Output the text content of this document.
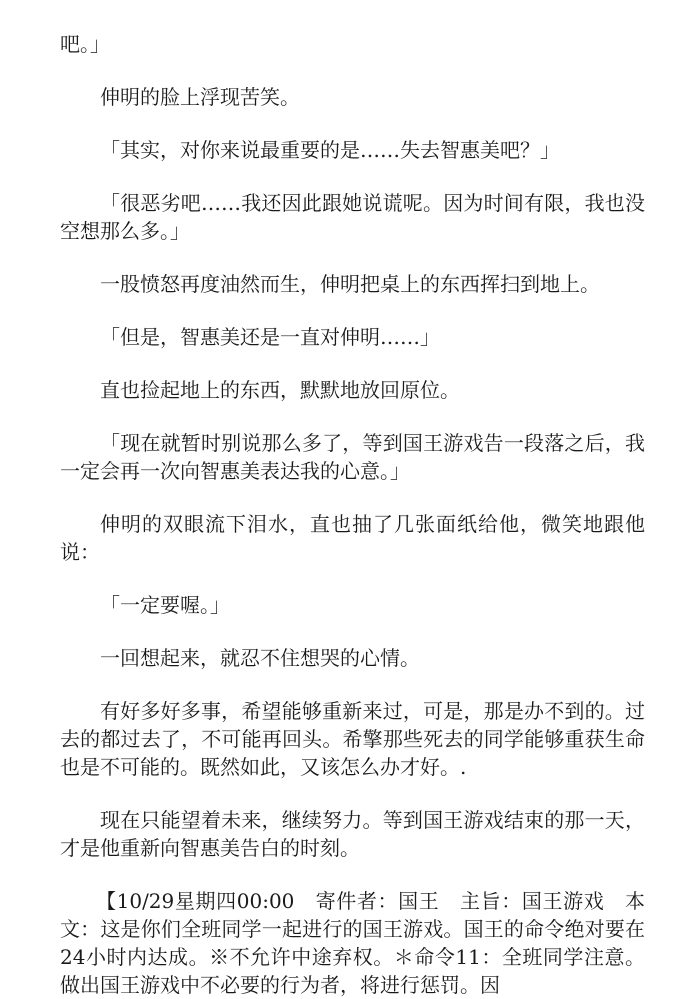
吧。」

伸明的脸上浮现苦笑。

「其实，对你来说最重要的是……失去智惠美吧？」

「很恶劣吧……我还因此跟她说谎呢。因为时间有限，我也没空想那么多。」

一股愤怒再度油然而生，伸明把桌上的东西挥扫到地上。

「但是，智惠美还是一直对伸明……」

直也捡起地上的东西，默默地放回原位。

「现在就暂时别说那么多了，等到国王游戏告一段落之后，我一定会再一次向智惠美表达我的心意。」

伸明的双眼流下泪水，直也抽了几张面纸给他，微笑地跟他说：

「一定要喔。」

一回想起来，就忍不住想哭的心情。

有好多好多事，希望能够重新来过，可是，那是办不到的。过去的都过去了，不可能再回头。希擎那些死去的同学能够重获生命也是不可能的。既然如此，又该怎么办才好。.

现在只能望着未来，继续努力。等到国王游戏结束的那一天，才是他重新向智惠美告白的时刻。

【10/29星期四00:00　寄件者：国王　主旨：国王游戏　本文：这是你们全班同学一起进行的国王游戏。国王的命令绝对要在24小时内达成。※不允许中途弃权。＊命令11：全班同学注意。做出国王游戏中不必要的行为者，将进行惩罚。因
